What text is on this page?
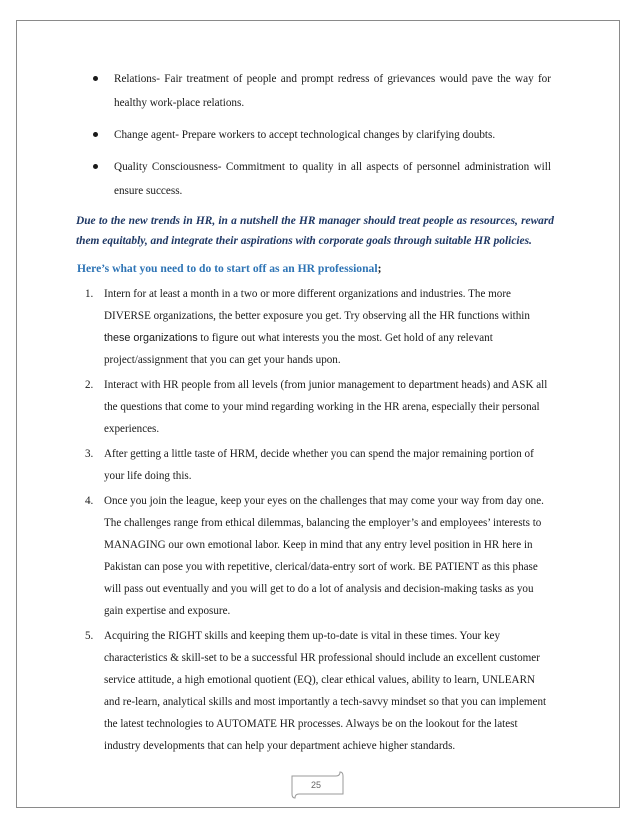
Relations- Fair treatment of people and prompt redress of grievances would pave the way for healthy work-place relations.
Change agent- Prepare workers to accept technological changes by clarifying doubts.
Quality Consciousness- Commitment to quality in all aspects of personnel administration will ensure success.
Due to the new trends in HR, in a nutshell the HR manager should treat people as resources, reward them equitably, and integrate their aspirations with corporate goals through suitable HR policies.
Here’s what you need to do to start off as an HR professional;
1. Intern for at least a month in a two or more different organizations and industries. The more DIVERSE organizations, the better exposure you get. Try observing all the HR functions within these organizations to figure out what interests you the most. Get hold of any relevant project/assignment that you can get your hands upon.
2. Interact with HR people from all levels (from junior management to department heads) and ASK all the questions that come to your mind regarding working in the HR arena, especially their personal experiences.
3. After getting a little taste of HRM, decide whether you can spend the major remaining portion of your life doing this.
4. Once you join the league, keep your eyes on the challenges that may come your way from day one. The challenges range from ethical dilemmas, balancing the employer’s and employees’ interests to MANAGING our own emotional labor. Keep in mind that any entry level position in HR here in Pakistan can pose you with repetitive, clerical/data-entry sort of work. BE PATIENT as this phase will pass out eventually and you will get to do a lot of analysis and decision-making tasks as you gain expertise and exposure.
5. Acquiring the RIGHT skills and keeping them up-to-date is vital in these times. Your key characteristics & skill-set to be a successful HR professional should include an excellent customer service attitude, a high emotional quotient (EQ), clear ethical values, ability to learn, UNLEARN and re-learn, analytical skills and most importantly a tech-savvy mindset so that you can implement the latest technologies to AUTOMATE HR processes. Always be on the lookout for the latest industry developments that can help your department achieve higher standards.
25
